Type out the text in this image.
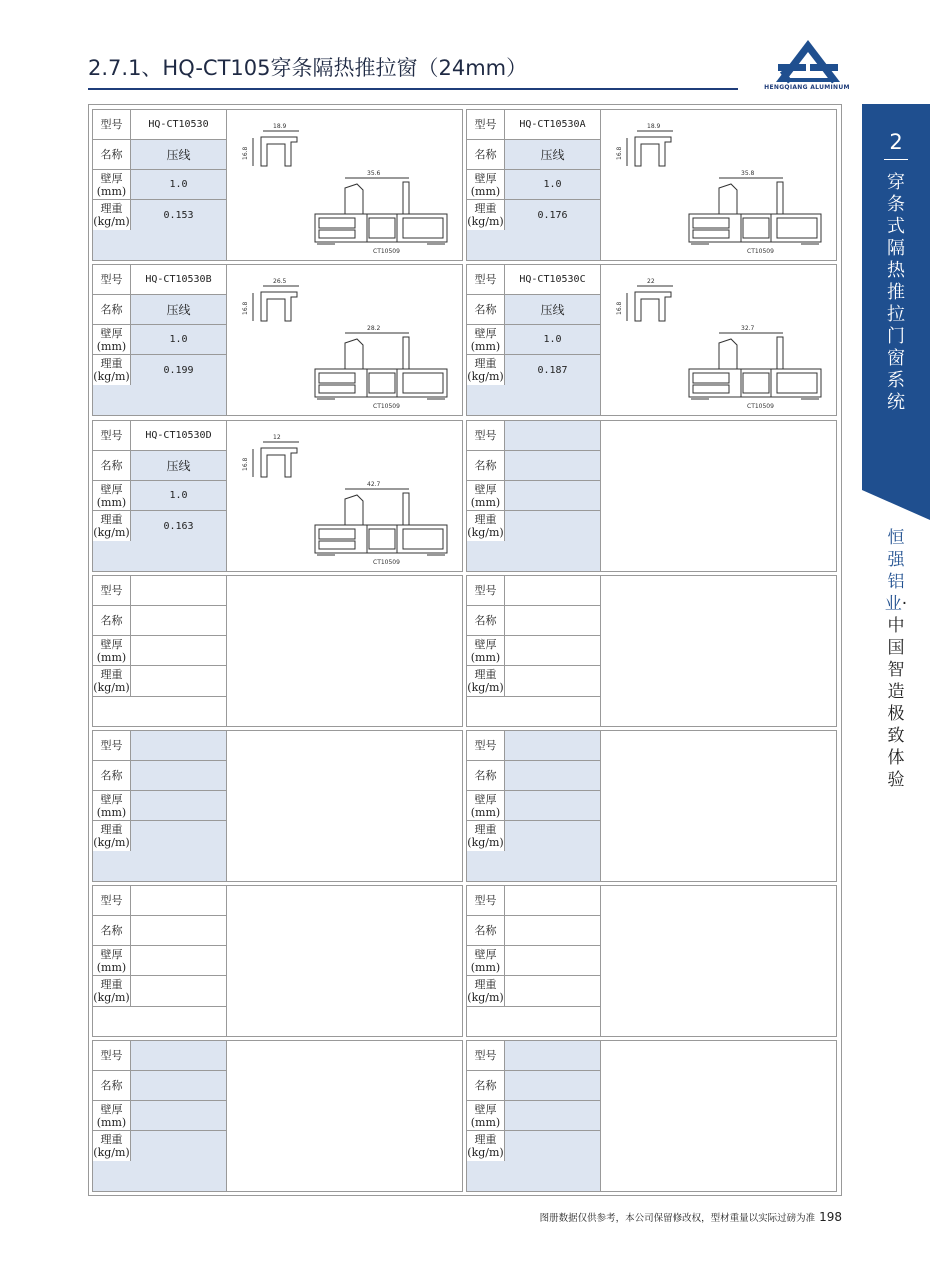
2.7.1、HQ-CT105穿条隔热推拉窗（24mm）
HENGQIANG ALUMINUM
型号	HQ-CT10530
名称	压线
壁厚
(mm)	1.0
理重
(kg/m)	0.153
18.9
16.8
35.6
CT10509
型号	HQ-CT10530A
名称	压线
壁厚
(mm)	1.0
理重
(kg/m)	0.176
18.9
16.8
35.8
CT10509
型号	HQ-CT10530B
名称	压线
壁厚
(mm)	1.0
理重
(kg/m)	0.199
26.5
16.8
28.2
CT10509
型号	HQ-CT10530C
名称	压线
壁厚
(mm)	1.0
理重
(kg/m)	0.187
22
16.8
32.7
CT10509
型号	HQ-CT10530D
名称	压线
壁厚
(mm)	1.0
理重
(kg/m)	0.163
12
16.8
42.7
CT10509
型号
名称
壁厚
(mm)
理重
(kg/m)
型号
名称
壁厚
(mm)
理重
(kg/m)
型号
名称
壁厚
(mm)
理重
(kg/m)
型号
名称
壁厚
(mm)
理重
(kg/m)
型号
名称
壁厚
(mm)
理重
(kg/m)
型号
名称
壁厚
(mm)
理重
(kg/m)
型号
名称
壁厚
(mm)
理重
(kg/m)
型号
名称
壁厚
(mm)
理重
(kg/m)
型号
名称
壁厚
(mm)
理重
(kg/m)
2
穿条式隔热推拉门窗系统
恒强铝业·中国智造 极致体验
图册数据仅供参考，本公司保留修改权，型材重量以实际过磅为准 198
